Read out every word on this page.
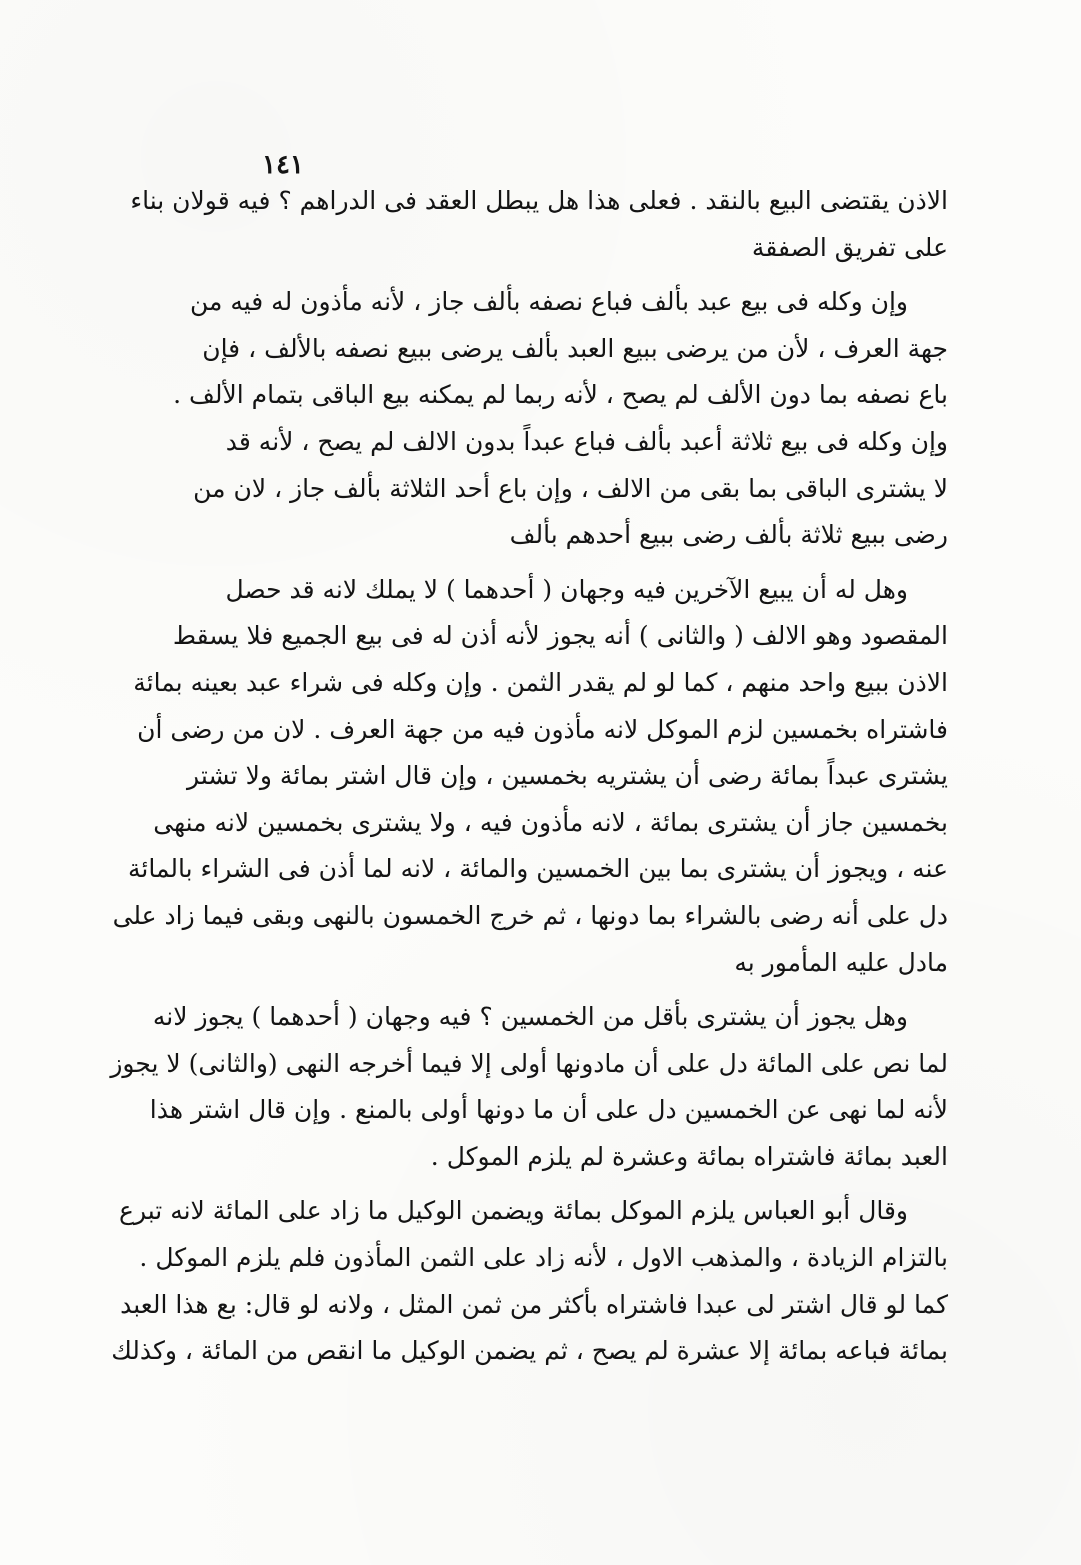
١٤١
الاذن يقتضى البيع بالنقد . فعلى هذا هل يبطل العقد فى الدراهم ؟ فيه قولان بناء
على تفريق الصفقة
وإن وكله فى بيع عبد بألف فباع نصفه بألف جاز ، لأنه مأذون له فيه من
جهة العرف ، لأن من يرضى ببيع العبد بألف يرضى ببيع نصفه بالألف ، فإن
باع نصفه بما دون الألف لم يصح ، لأنه ربما لم يمكنه بيع الباقى بتمام الألف .
وإن وكله فى بيع ثلاثة أعبد بألف فباع عبداً بدون الالف لم يصح ، لأنه قد
لا يشترى الباقى بما بقى من الالف ، وإن باع أحد الثلاثة بألف جاز ، لان من
رضى ببيع ثلاثة بألف رضى ببيع أحدهم بألف
وهل له أن يبيع الآخرين فيه وجهان ( أحدهما ) لا يملك لانه قد حصل
المقصود وهو الالف ( والثانى ) أنه يجوز لأنه أذن له فى بيع الجميع فلا يسقط
الاذن ببيع واحد منهم ، كما لو لم يقدر الثمن . وإن وكله فى شراء عبد بعينه بمائة
فاشتراه بخمسين لزم الموكل لانه مأذون فيه من جهة العرف . لان من رضى أن
يشترى عبداً بمائة رضى أن يشتريه بخمسين ، وإن قال اشتر بمائة ولا تشتر
بخمسين جاز أن يشترى بمائة ، لانه مأذون فيه ، ولا يشترى بخمسين لانه منهى
عنه ، ويجوز أن يشترى بما بين الخمسين والمائة ، لانه لما أذن فى الشراء بالمائة
دل على أنه رضى بالشراء بما دونها ، ثم خرج الخمسون بالنهى وبقى فيما زاد على
مادل عليه المأمور به
وهل يجوز أن يشترى بأقل من الخمسين ؟ فيه وجهان ( أحدهما ) يجوز لانه
لما نص على المائة دل على أن مادونها أولى إلا فيما أخرجه النهى (والثانى) لا يجوز
لأنه لما نهى عن الخمسين دل على أن ما دونها أولى بالمنع . وإن قال اشتر هذا
العبد بمائة فاشتراه بمائة وعشرة لم يلزم الموكل .
وقال أبو العباس يلزم الموكل بمائة ويضمن الوكيل ما زاد على المائة لانه تبرع
بالتزام الزيادة ، والمذهب الاول ، لأنه زاد على الثمن المأذون فلم يلزم الموكل .
كما لو قال اشتر لى عبدا فاشتراه بأكثر من ثمن المثل ، ولانه لو قال: بع هذا العبد
بمائة فباعه بمائة إلا عشرة لم يصح ، ثم يضمن الوكيل ما انقص من المائة ، وكذلك
